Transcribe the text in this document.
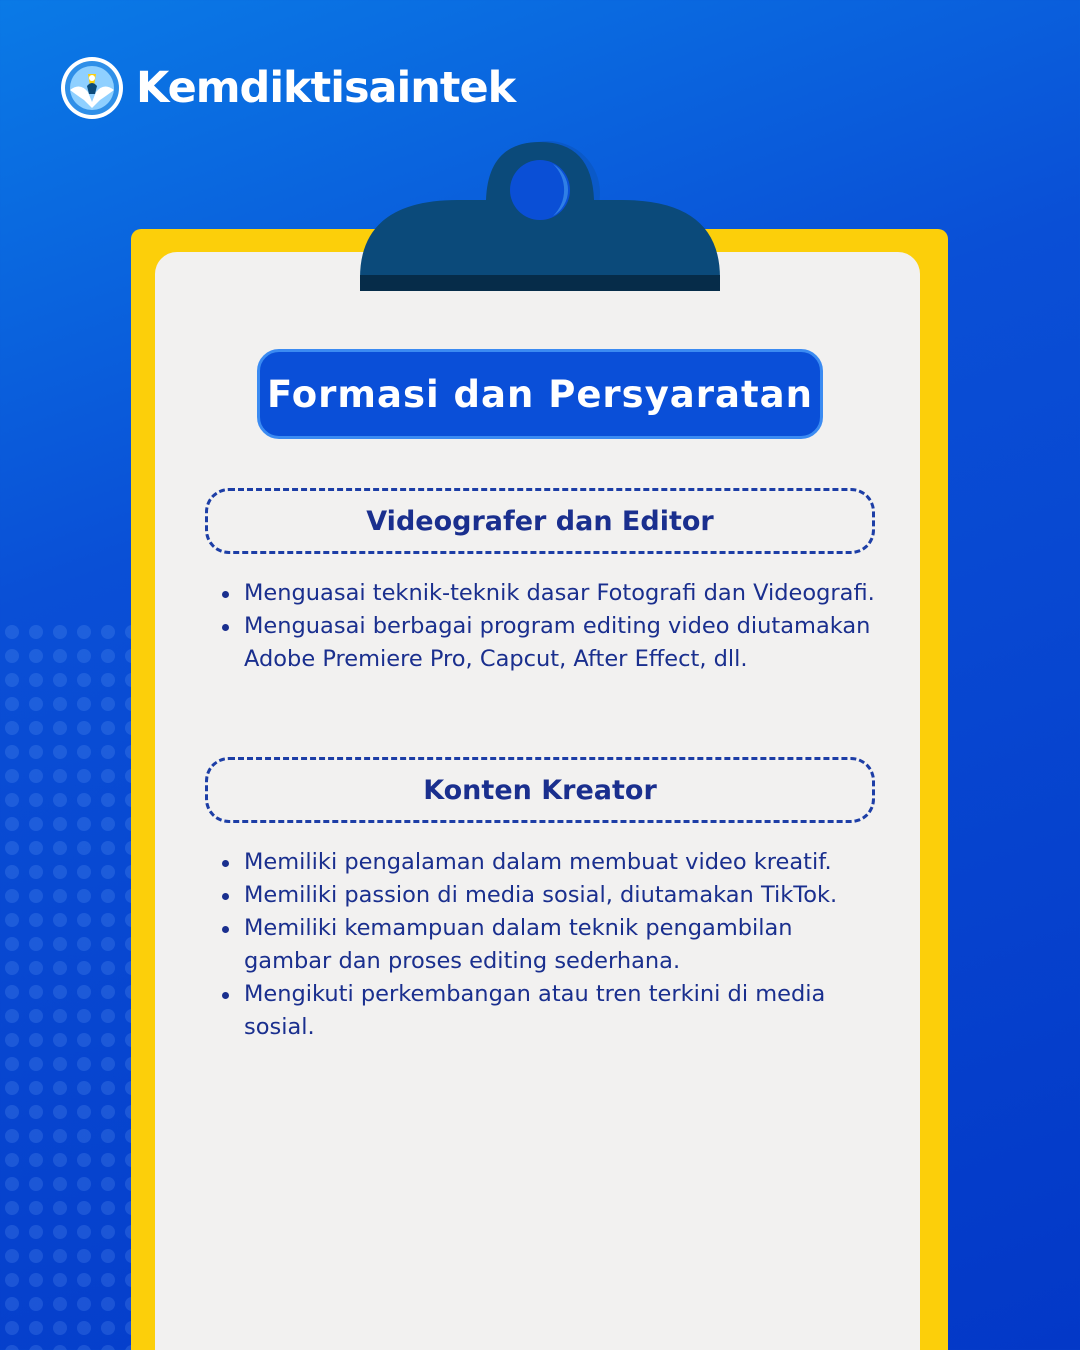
Kemdiktisaintek
Formasi dan Persyaratan
Videografer dan Editor
Menguasai teknik-teknik dasar Fotografi dan Videografi.
Menguasai berbagai program editing video diutamakan Adobe Premiere Pro, Capcut, After Effect, dll.
Konten Kreator
Memiliki pengalaman dalam membuat video kreatif.
Memiliki passion di media sosial, diutamakan TikTok.
Memiliki kemampuan dalam teknik pengambilan gambar dan proses editing sederhana.
Mengikuti perkembangan atau tren terkini di media sosial.
